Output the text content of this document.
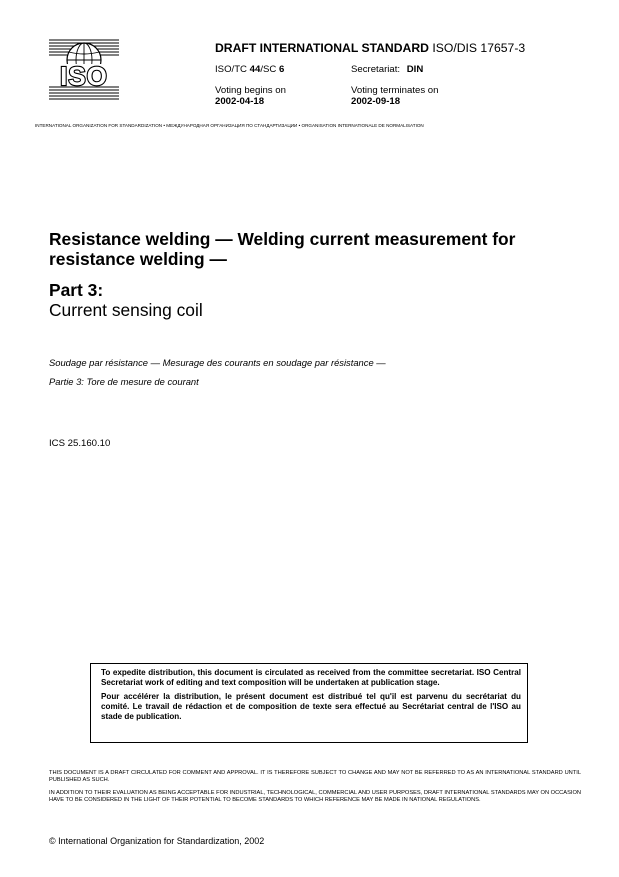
ISO
DRAFT INTERNATIONAL STANDARD ISO/DIS 17657-3
ISO/TC 44/SC 6	Secretariat: DIN
Voting begins on
2002-04-18
Voting terminates on
2002-09-18
INTERNATIONAL ORGANIZATION FOR STANDARDIZATION • МЕЖДУНАРОДНАЯ ОРГАНИЗАЦИЯ ПО СТАНДАРТИЗАЦИИ • ORGANISATION INTERNATIONALE DE NORMALISATION
Resistance welding — Welding current measurement for resistance welding —
Part 3:
Current sensing coil
Soudage par résistance — Mesurage des courants en soudage par résistance —
Partie 3: Tore de mesure de courant
ICS 25.160.10

To expedite distribution, this document is circulated as received from the committee secretariat. ISO Central Secretariat work of editing and text composition will be undertaken at publication stage.

Pour accélérer la distribution, le présent document est distribué tel qu'il est parvenu du secrétariat du comité. Le travail de rédaction et de composition de texte sera effectué au Secrétariat central de l'ISO au stade de publication.

THIS DOCUMENT IS A DRAFT CIRCULATED FOR COMMENT AND APPROVAL. IT IS THEREFORE SUBJECT TO CHANGE AND MAY NOT BE REFERRED TO AS AN INTERNATIONAL STANDARD UNTIL PUBLISHED AS SUCH.
IN ADDITION TO THEIR EVALUATION AS BEING ACCEPTABLE FOR INDUSTRIAL, TECHNOLOGICAL, COMMERCIAL AND USER PURPOSES, DRAFT INTERNATIONAL STANDARDS MAY ON OCCASION HAVE TO BE CONSIDERED IN THE LIGHT OF THEIR POTENTIAL TO BECOME STANDARDS TO WHICH REFERENCE MAY BE MADE IN NATIONAL REGULATIONS.
© International Organization for Standardization, 2002
